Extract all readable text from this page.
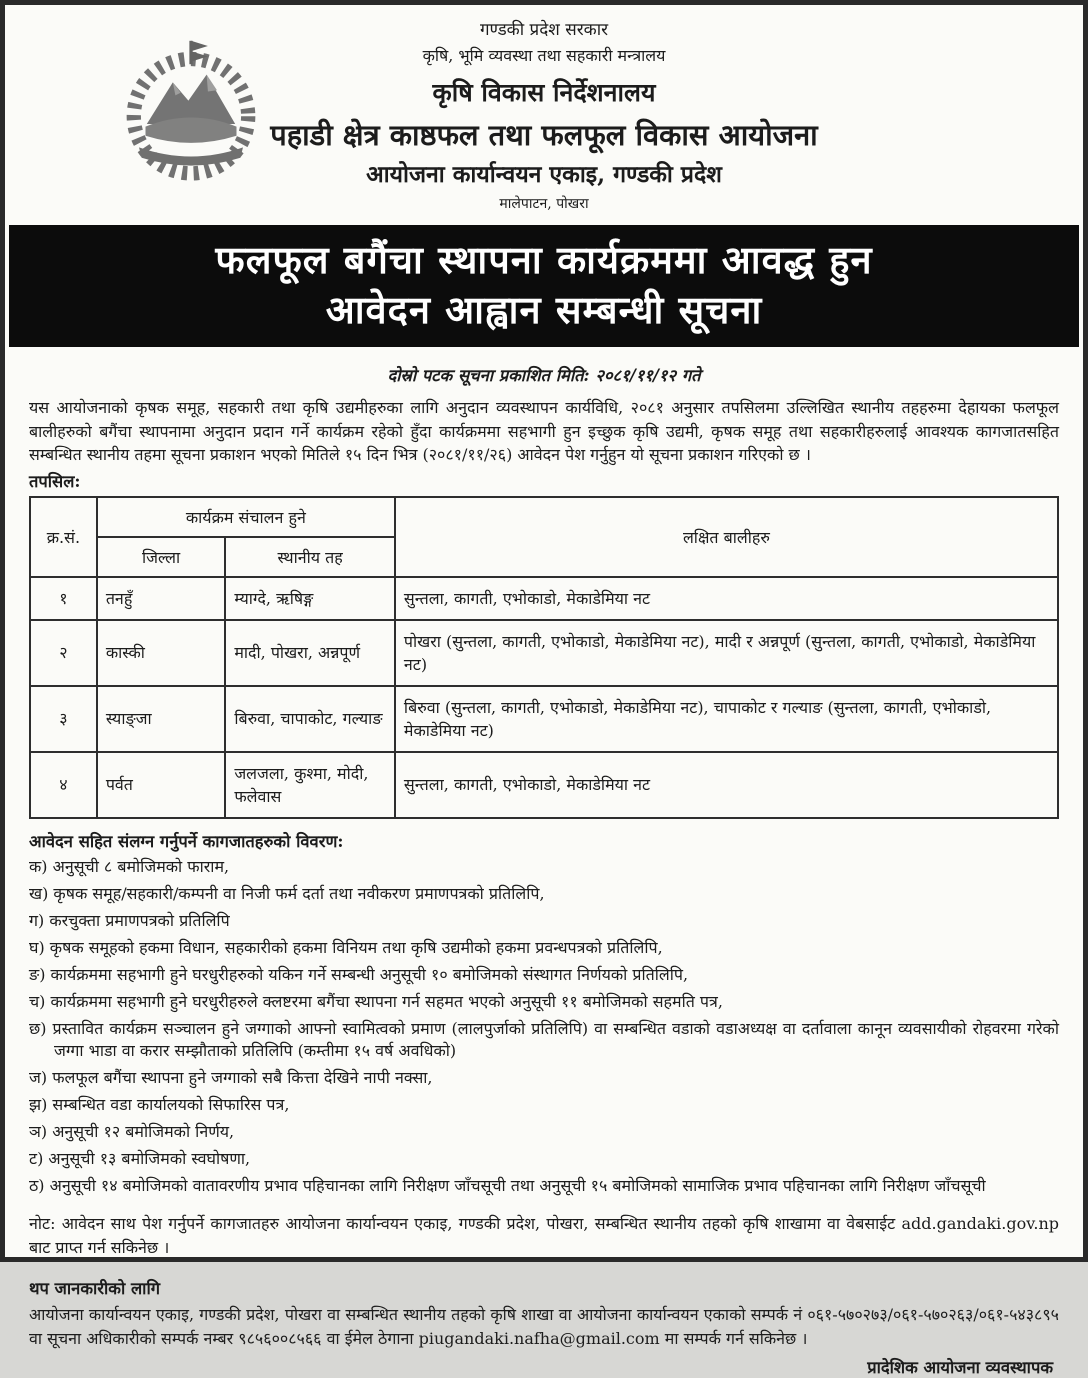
गण्डकी प्रदेश सरकार
कृषि, भूमि व्यवस्था तथा सहकारी मन्त्रालय
कृषि विकास निर्देशनालय
पहाडी क्षेत्र काष्ठफल तथा फलफूल विकास आयोजना
आयोजना कार्यान्वयन एकाइ, गण्डकी प्रदेश
मालेपाटन, पोखरा
फलफूल बगैंचा स्थापना कार्यक्रममा आवद्ध हुन
आवेदन आह्वान सम्बन्धी सूचना
दोस्रो पटक सूचना प्रकाशित मिति: २०८१/११/१२ गते
यस आयोजनाको कृषक समूह, सहकारी तथा कृषि उद्यमीहरुका लागि अनुदान व्यवस्थापन कार्यविधि, २०८१ अनुसार तपसिलमा उल्लिखित स्थानीय तहहरुमा देहायका फलफूल बालीहरुको बगैंचा स्थापनामा अनुदान प्रदान गर्ने कार्यक्रम रहेको हुँदा कार्यक्रममा सहभागी हुन इच्छुक कृषि उद्यमी, कृषक समूह तथा सहकारीहरुलाई आवश्यक कागजातसहित सम्बन्धित स्थानीय तहमा सूचना प्रकाशन भएको मितिले १५ दिन भित्र (२०८१/११/२६) आवेदन पेश गर्नुहुन यो सूचना प्रकाशन गरिएको छ ।
तपसिल:
क्र.सं.	कार्यक्रम संचालन हुने		लक्षित बालीहरु
	जिल्ला	स्थानीय तह	
१	तनहुँ	म्याग्दे, ऋषिङ्ग	सुन्तला, कागती, एभोकाडो, मेकाडेमिया नट
२	कास्की	मादी, पोखरा, अन्नपूर्ण	पोखरा (सुन्तला, कागती, एभोकाडो, मेकाडेमिया नट), मादी र अन्नपूर्ण (सुन्तला, कागती, एभोकाडो, मेकाडेमिया नट)
३	स्याङ्जा	बिरुवा, चापाकोट, गल्याङ	बिरुवा (सुन्तला, कागती, एभोकाडो, मेकाडेमिया नट), चापाकोट र गल्याङ (सुन्तला, कागती, एभोकाडो, मेकाडेमिया नट)
४	पर्वत	जलजला, कुश्मा, मोदी, फलेवास	सुन्तला, कागती, एभोकाडो, मेकाडेमिया नट
आवेदन सहित संलग्न गर्नुपर्ने कागजातहरुको विवरण:
क) अनुसूची ८ बमोजिमको फाराम,
ख) कृषक समूह/सहकारी/कम्पनी वा निजी फर्म दर्ता तथा नवीकरण प्रमाणपत्रको प्रतिलिपि,
ग) करचुक्ता प्रमाणपत्रको प्रतिलिपि
घ) कृषक समूहको हकमा विधान, सहकारीको हकमा विनियम तथा कृषि उद्यमीको हकमा प्रवन्धपत्रको प्रतिलिपि,
ङ) कार्यक्रममा सहभागी हुने घरधुरीहरुको यकिन गर्ने सम्बन्धी अनुसूची १० बमोजिमको संस्थागत निर्णयको प्रतिलिपि,
च) कार्यक्रममा सहभागी हुने घरधुरीहरुले क्लष्टरमा बगैंचा स्थापना गर्न सहमत भएको अनुसूची ११ बमोजिमको सहमति पत्र,
छ) प्रस्तावित कार्यक्रम सञ्चालन हुने जग्गाको आफ्नो स्वामित्वको प्रमाण (लालपुर्जाको प्रतिलिपि) वा सम्बन्धित वडाको वडाअध्यक्ष वा दर्तावाला कानून व्यवसायीको रोहवरमा गरेको जग्गा भाडा वा करार सम्झौताको प्रतिलिपि (कम्तीमा १५ वर्ष अवधिको)
ज) फलफूल बगैंचा स्थापना हुने जग्गाको सबै कित्ता देखिने नापी नक्सा,
झ) सम्बन्धित वडा कार्यालयको सिफारिस पत्र,
ञ) अनुसूची १२ बमोजिमको निर्णय,
ट) अनुसूची १३ बमोजिमको स्वघोषणा,
ठ) अनुसूची १४ बमोजिमको वातावरणीय प्रभाव पहिचानका लागि निरीक्षण जाँचसूची तथा अनुसूची १५ बमोजिमको सामाजिक प्रभाव पहिचानका लागि निरीक्षण जाँचसूची
नोट: आवेदन साथ पेश गर्नुपर्ने कागजातहरु आयोजना कार्यान्वयन एकाइ, गण्डकी प्रदेश, पोखरा, सम्बन्धित स्थानीय तहको कृषि शाखामा वा वेबसाईट add.gandaki.gov.np बाट प्राप्त गर्न सकिनेछ ।
थप जानकारीको लागि
आयोजना कार्यान्वयन एकाइ, गण्डकी प्रदेश, पोखरा वा सम्बन्धित स्थानीय तहको कृषि शाखा वा आयोजना कार्यान्वयन एकाको सम्पर्क नं ०६१-५७०२७३/०६१-५७०२६३/०६१-५४३८९५ वा सूचना अधिकारीको सम्पर्क नम्बर ९८५६००८५६६ वा ईमेल ठेगाना piugandaki.nafha@gmail.com मा सम्पर्क गर्न सकिनेछ ।
प्रादेशिक आयोजना व्यवस्थापक
